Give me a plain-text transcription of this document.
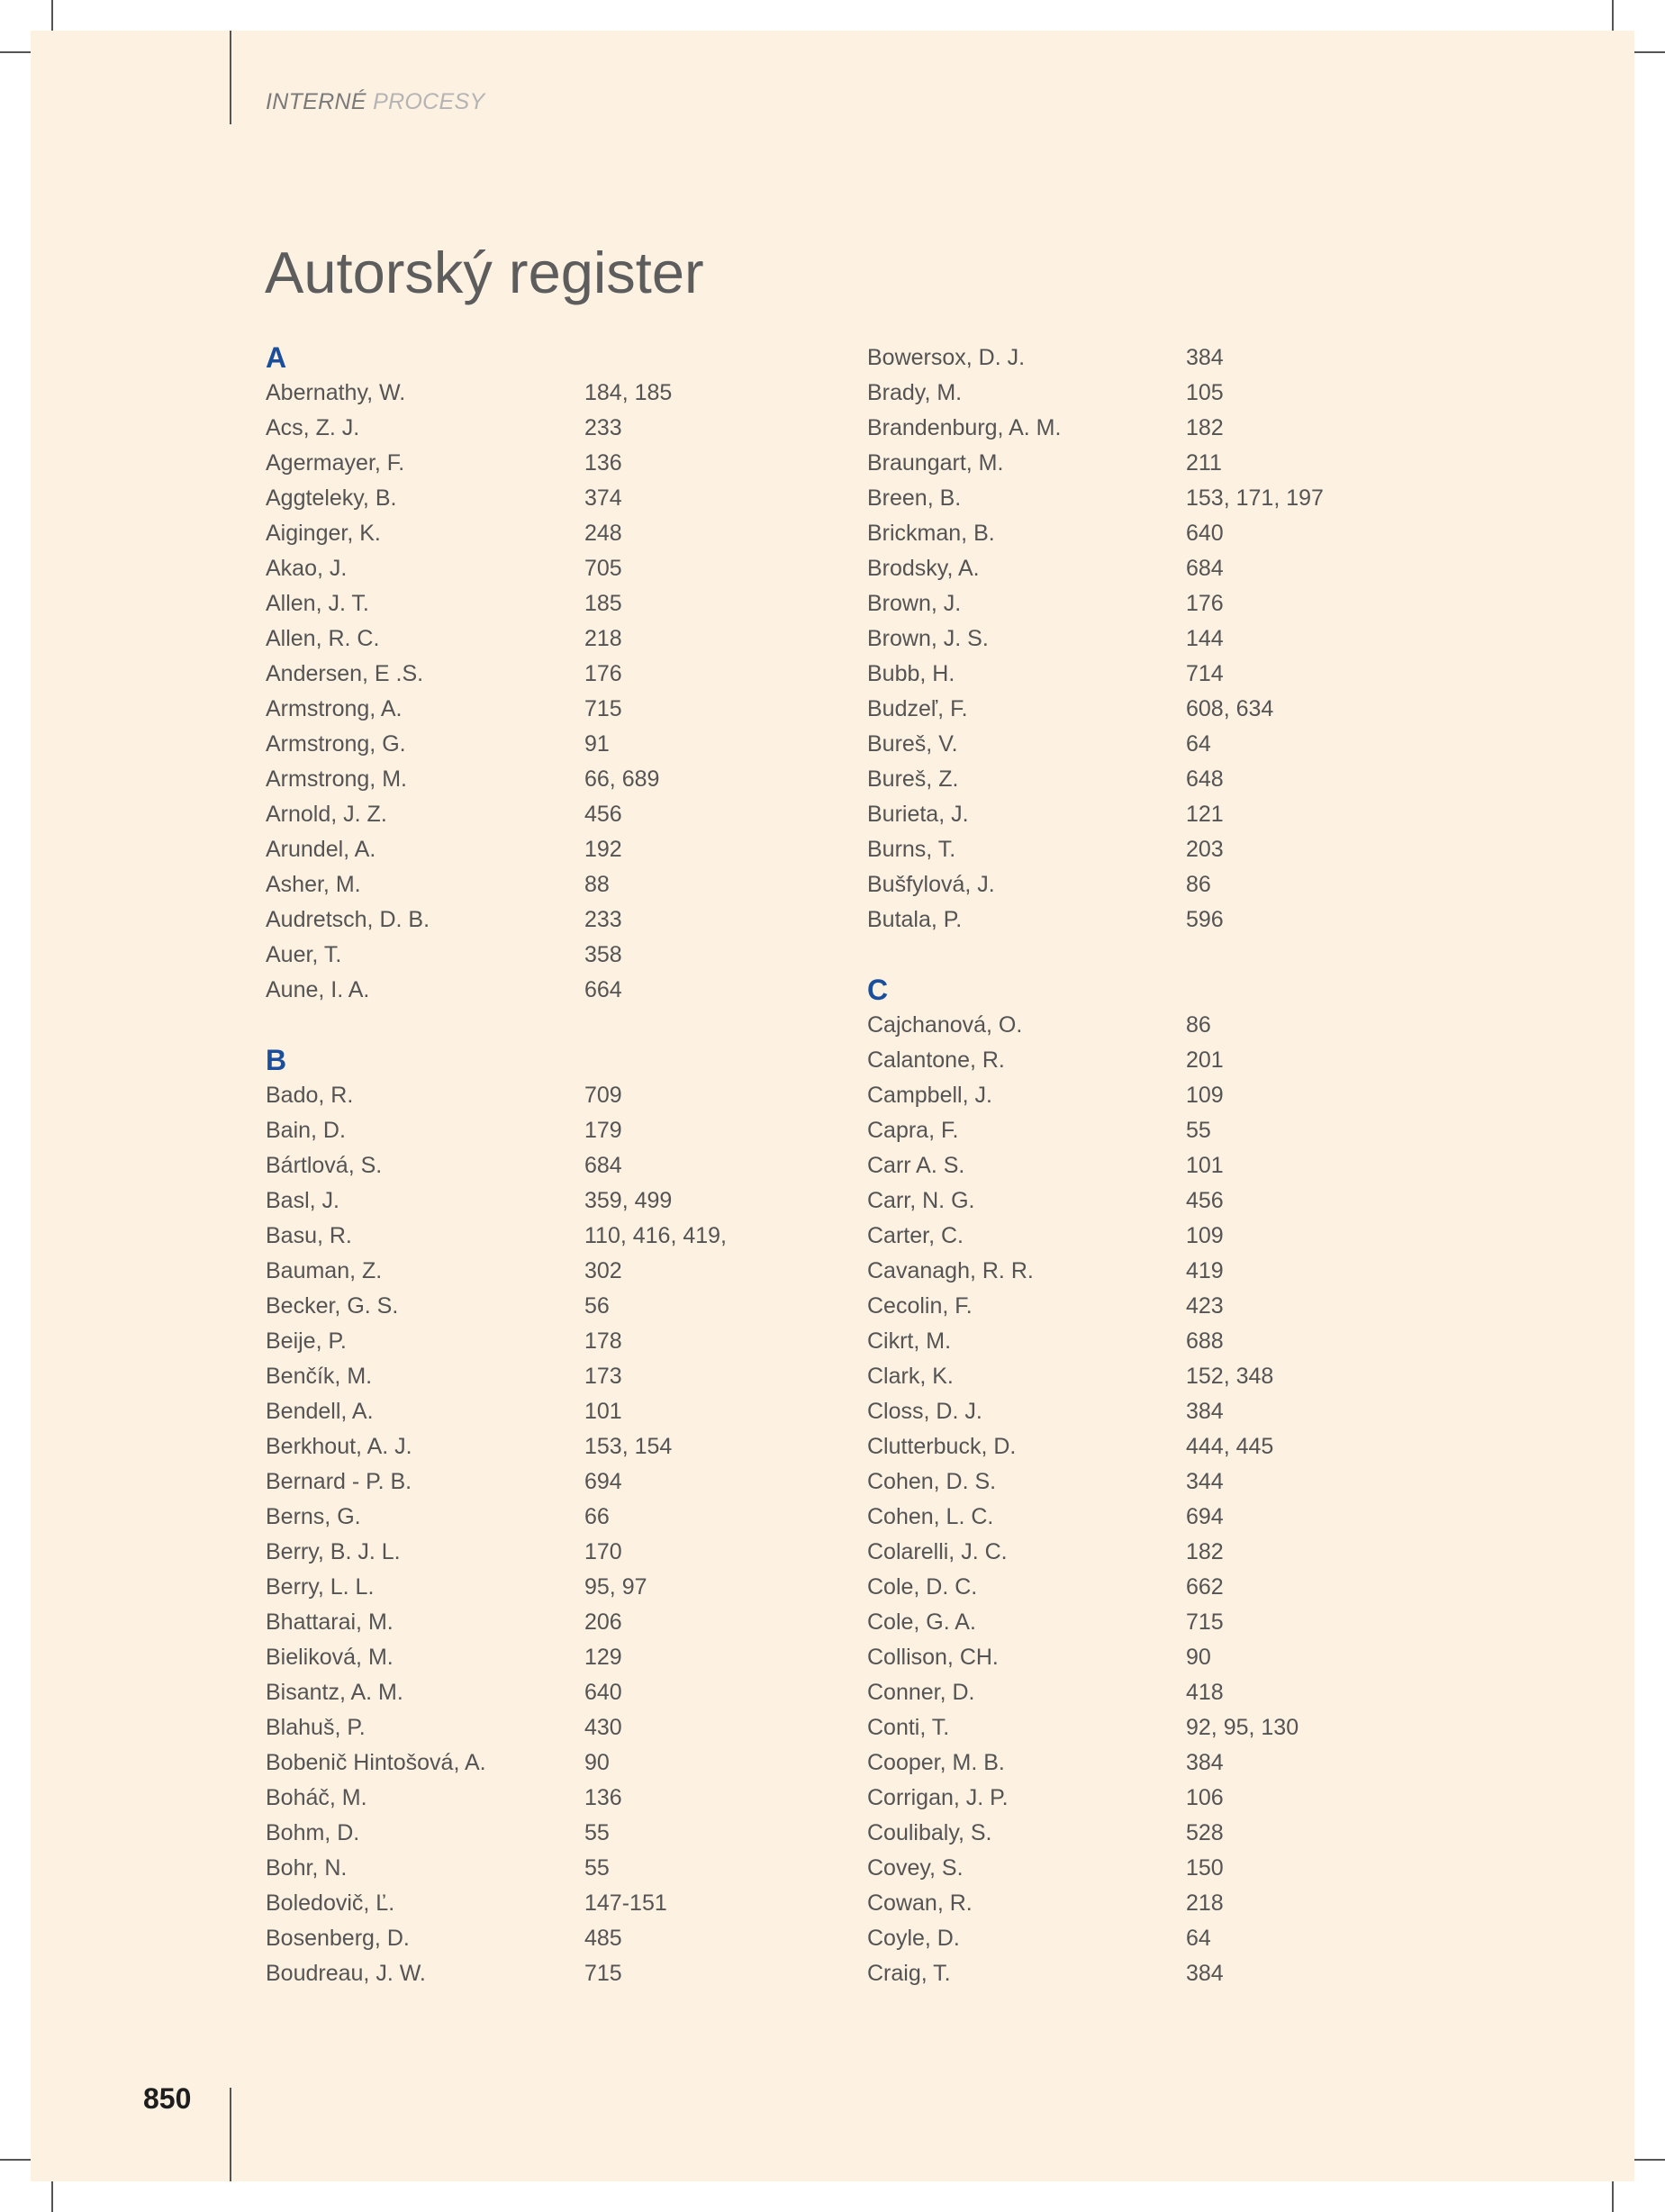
INTERNÉ PROCESY
Autorský register
A
Abernathy, W.	184, 185
Acs, Z. J.	233
Agermayer, F.	136
Aggteleky, B.	374
Aiginger, K.	248
Akao, J.	705
Allen, J. T.	185
Allen, R. C.	218
Andersen, E .S.	176
Armstrong, A.	715
Armstrong, G.	91
Armstrong, M.	66, 689
Arnold, J. Z.	456
Arundel, A.	192
Asher, M.	88
Audretsch, D. B.	233
Auer, T.	358
Aune, I. A.	664
B
Bado, R.	709
Bain, D.	179
Bártlová, S.	684
Basl, J.	359, 499
Basu, R.	110, 416, 419,
Bauman, Z.	302
Becker, G. S.	56
Beije, P.	178
Benčík, M.	173
Bendell, A.	101
Berkhout, A. J.	153, 154
Bernard - P. B.	694
Berns, G.	66
Berry, B. J. L.	170
Berry, L. L.	95, 97
Bhattarai, M.	206
Bieliková, M.	129
Bisantz, A. M.	640
Blahuš, P.	430
Bobenič Hintošová, A.	90
Boháč, M.	136
Bohm, D.	55
Bohr, N.	55
Boledovič, Ľ.	147-151
Bosenberg, D.	485
Boudreau, J. W.	715
Bowersox, D. J.	384
Brady, M.	105
Brandenburg, A. M.	182
Braungart, M.	211
Breen, B.	153, 171, 197
Brickman, B.	640
Brodsky, A.	684
Brown, J.	176
Brown, J. S.	144
Bubb, H.	714
Budzeľ, F.	608, 634
Bureš, V.	64
Bureš, Z.	648
Burieta, J.	121
Burns, T.	203
Bušfylová, J.	86
Butala, P.	596
C
Cajchanová, O.	86
Calantone, R.	201
Campbell, J.	109
Capra, F.	55
Carr A. S.	101
Carr, N. G.	456
Carter, C.	109
Cavanagh, R. R.	419
Cecolin, F.	423
Cikrt, M.	688
Clark, K.	152, 348
Closs, D. J.	384
Clutterbuck, D.	444, 445
Cohen, D. S.	344
Cohen, L. C.	694
Colarelli, J. C.	182
Cole, D. C.	662
Cole, G. A.	715
Collison, CH.	90
Conner, D.	418
Conti, T.	92, 95, 130
Cooper, M. B.	384
Corrigan, J. P.	106
Coulibaly, S.	528
Covey, S.	150
Cowan, R.	218
Coyle, D.	64
Craig, T.	384
850
